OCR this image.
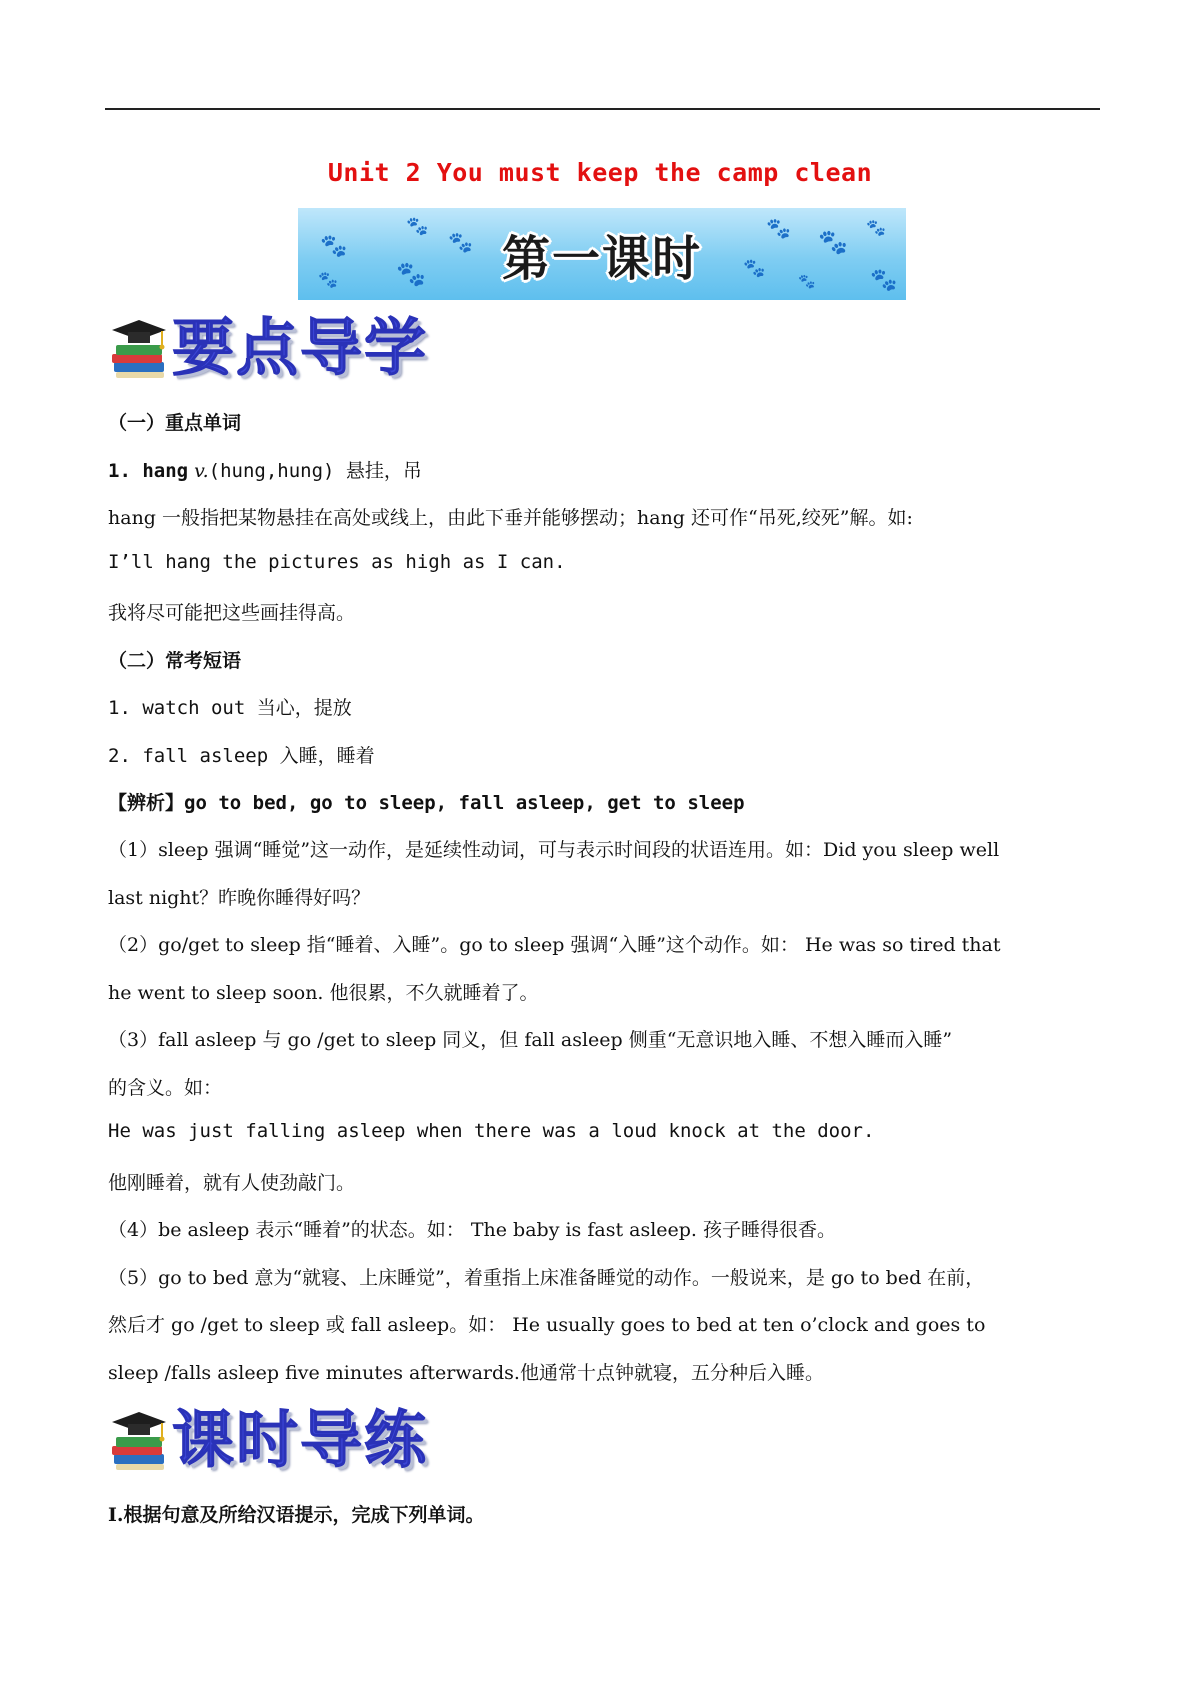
Unit 2 You must keep the camp clean
🐾
🐾
🐾
🐾
🐾
🐾
🐾
🐾
🐾
🐾
🐾
第一课时
要点导学
（一）重点单词
1. hang v.(hung,hung) 悬挂，吊
hang 一般指把某物悬挂在高处或线上，由此下垂并能够摆动；hang 还可作“吊死,绞死”解。如:
I’ll hang the pictures as high as I can.
我将尽可能把这些画挂得高。
（二）常考短语
1. watch out 当心，提放
2. fall asleep 入睡，睡着
【辨析】go to bed, go to sleep, fall asleep, get to sleep
（1）sleep 强调“睡觉”这一动作，是延续性动词，可与表示时间段的状语连用。如：Did you sleep well
last night？昨晚你睡得好吗？
（2）go/get to sleep 指“睡着、入睡”。go to sleep 强调“入睡”这个动作。如： He was so tired that
he went to sleep soon. 他很累，不久就睡着了。
（3）fall asleep 与 go /get to sleep 同义，但 fall asleep 侧重“无意识地入睡、不想入睡而入睡”
的含义。如：
He was just falling asleep when there was a loud knock at the door.
他刚睡着，就有人使劲敲门。
（4）be asleep 表示“睡着”的状态。如： The baby is fast asleep. 孩子睡得很香。
（5）go to bed 意为“就寝、上床睡觉”，着重指上床准备睡觉的动作。一般说来，是 go to bed 在前，
然后才 go /get to sleep 或 fall asleep。如： He usually goes to bed at ten o’clock and goes to
sleep /falls asleep five minutes afterwards.他通常十点钟就寝，五分种后入睡。
课时导练
Ⅰ.根据句意及所给汉语提示，完成下列单词。
